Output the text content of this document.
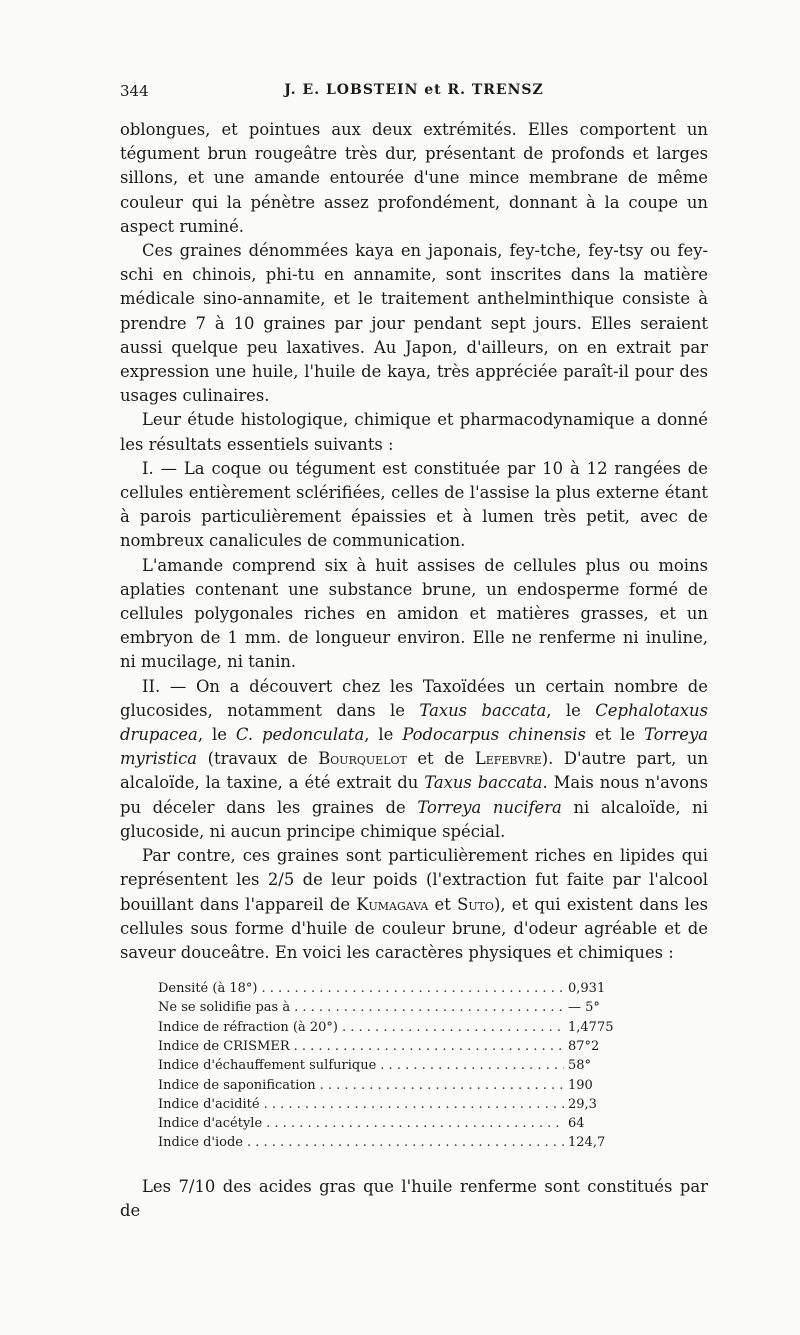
344	J. E. LOBSTEIN et R. TRENSZ

oblongues, et pointues aux deux extrémités. Elles comportent un tégument brun rougeâtre très dur, présentant de profonds et larges sillons, et une amande entourée d'une mince membrane de même couleur qui la pénètre assez profondément, donnant à la coupe un aspect ruminé.

Ces graines dénommées kaya en japonais, fey-tche, fey-tsy ou fey-schi en chinois, phi-tu en annamite, sont inscrites dans la matière médicale sino-annamite, et le traitement anthelminthique consiste à prendre 7 à 10 graines par jour pendant sept jours. Elles seraient aussi quelque peu laxatives. Au Japon, d'ailleurs, on en extrait par expression une huile, l'huile de kaya, très appréciée paraît-il pour des usages culinaires.

Leur étude histologique, chimique et pharmacodynamique a donné les résultats essentiels suivants :

I. — La coque ou tégument est constituée par 10 à 12 rangées de cellules entièrement sclérifiées, celles de l'assise la plus externe étant à parois particulièrement épaissies et à lumen très petit, avec de nombreux canalicules de communication.

L'amande comprend six à huit assises de cellules plus ou moins aplaties contenant une substance brune, un endosperme formé de cellules polygonales riches en amidon et matières grasses, et un embryon de 1 mm. de longueur environ. Elle ne renferme ni inuline, ni mucilage, ni tanin.

II. — On a découvert chez les Taxoïdées un certain nombre de glucosides, notamment dans le Taxus baccata, le Cephalotaxus drupacea, le C. pedonculata, le Podocarpus chinensis et le Torreya myristica (travaux de Bourquelot et de Lefebvre). D'autre part, un alcaloïde, la taxine, a été extrait du Taxus baccata. Mais nous n'avons pu déceler dans les graines de Torreya nucifera ni alcaloïde, ni glucoside, ni aucun principe chimique spécial.

Par contre, ces graines sont particulièrement riches en lipides qui représentent les 2/5 de leur poids (l'extraction fut faite par l'alcool bouillant dans l'appareil de Kumagava et Suto), et qui existent dans les cellules sous forme d'huile de couleur brune, d'odeur agréable et de saveur douceâtre. En voici les caractères physiques et chimiques :

Densité (à 18°) . . .	0,931
Ne se solidifie pas à . . .	— 5°
Indice de réfraction (à 20°) . . .	1,4775
Indice de CRISMER . . .	87°2
Indice d'échauffement sulfurique . . .	58°
Indice de saponification . . .	190
Indice d'acidité . . .	29,3
Indice d'acétyle . . .	64
Indice d'iode . . .	124,7

Les 7/10 des acides gras que l'huile renferme sont constitués par de
